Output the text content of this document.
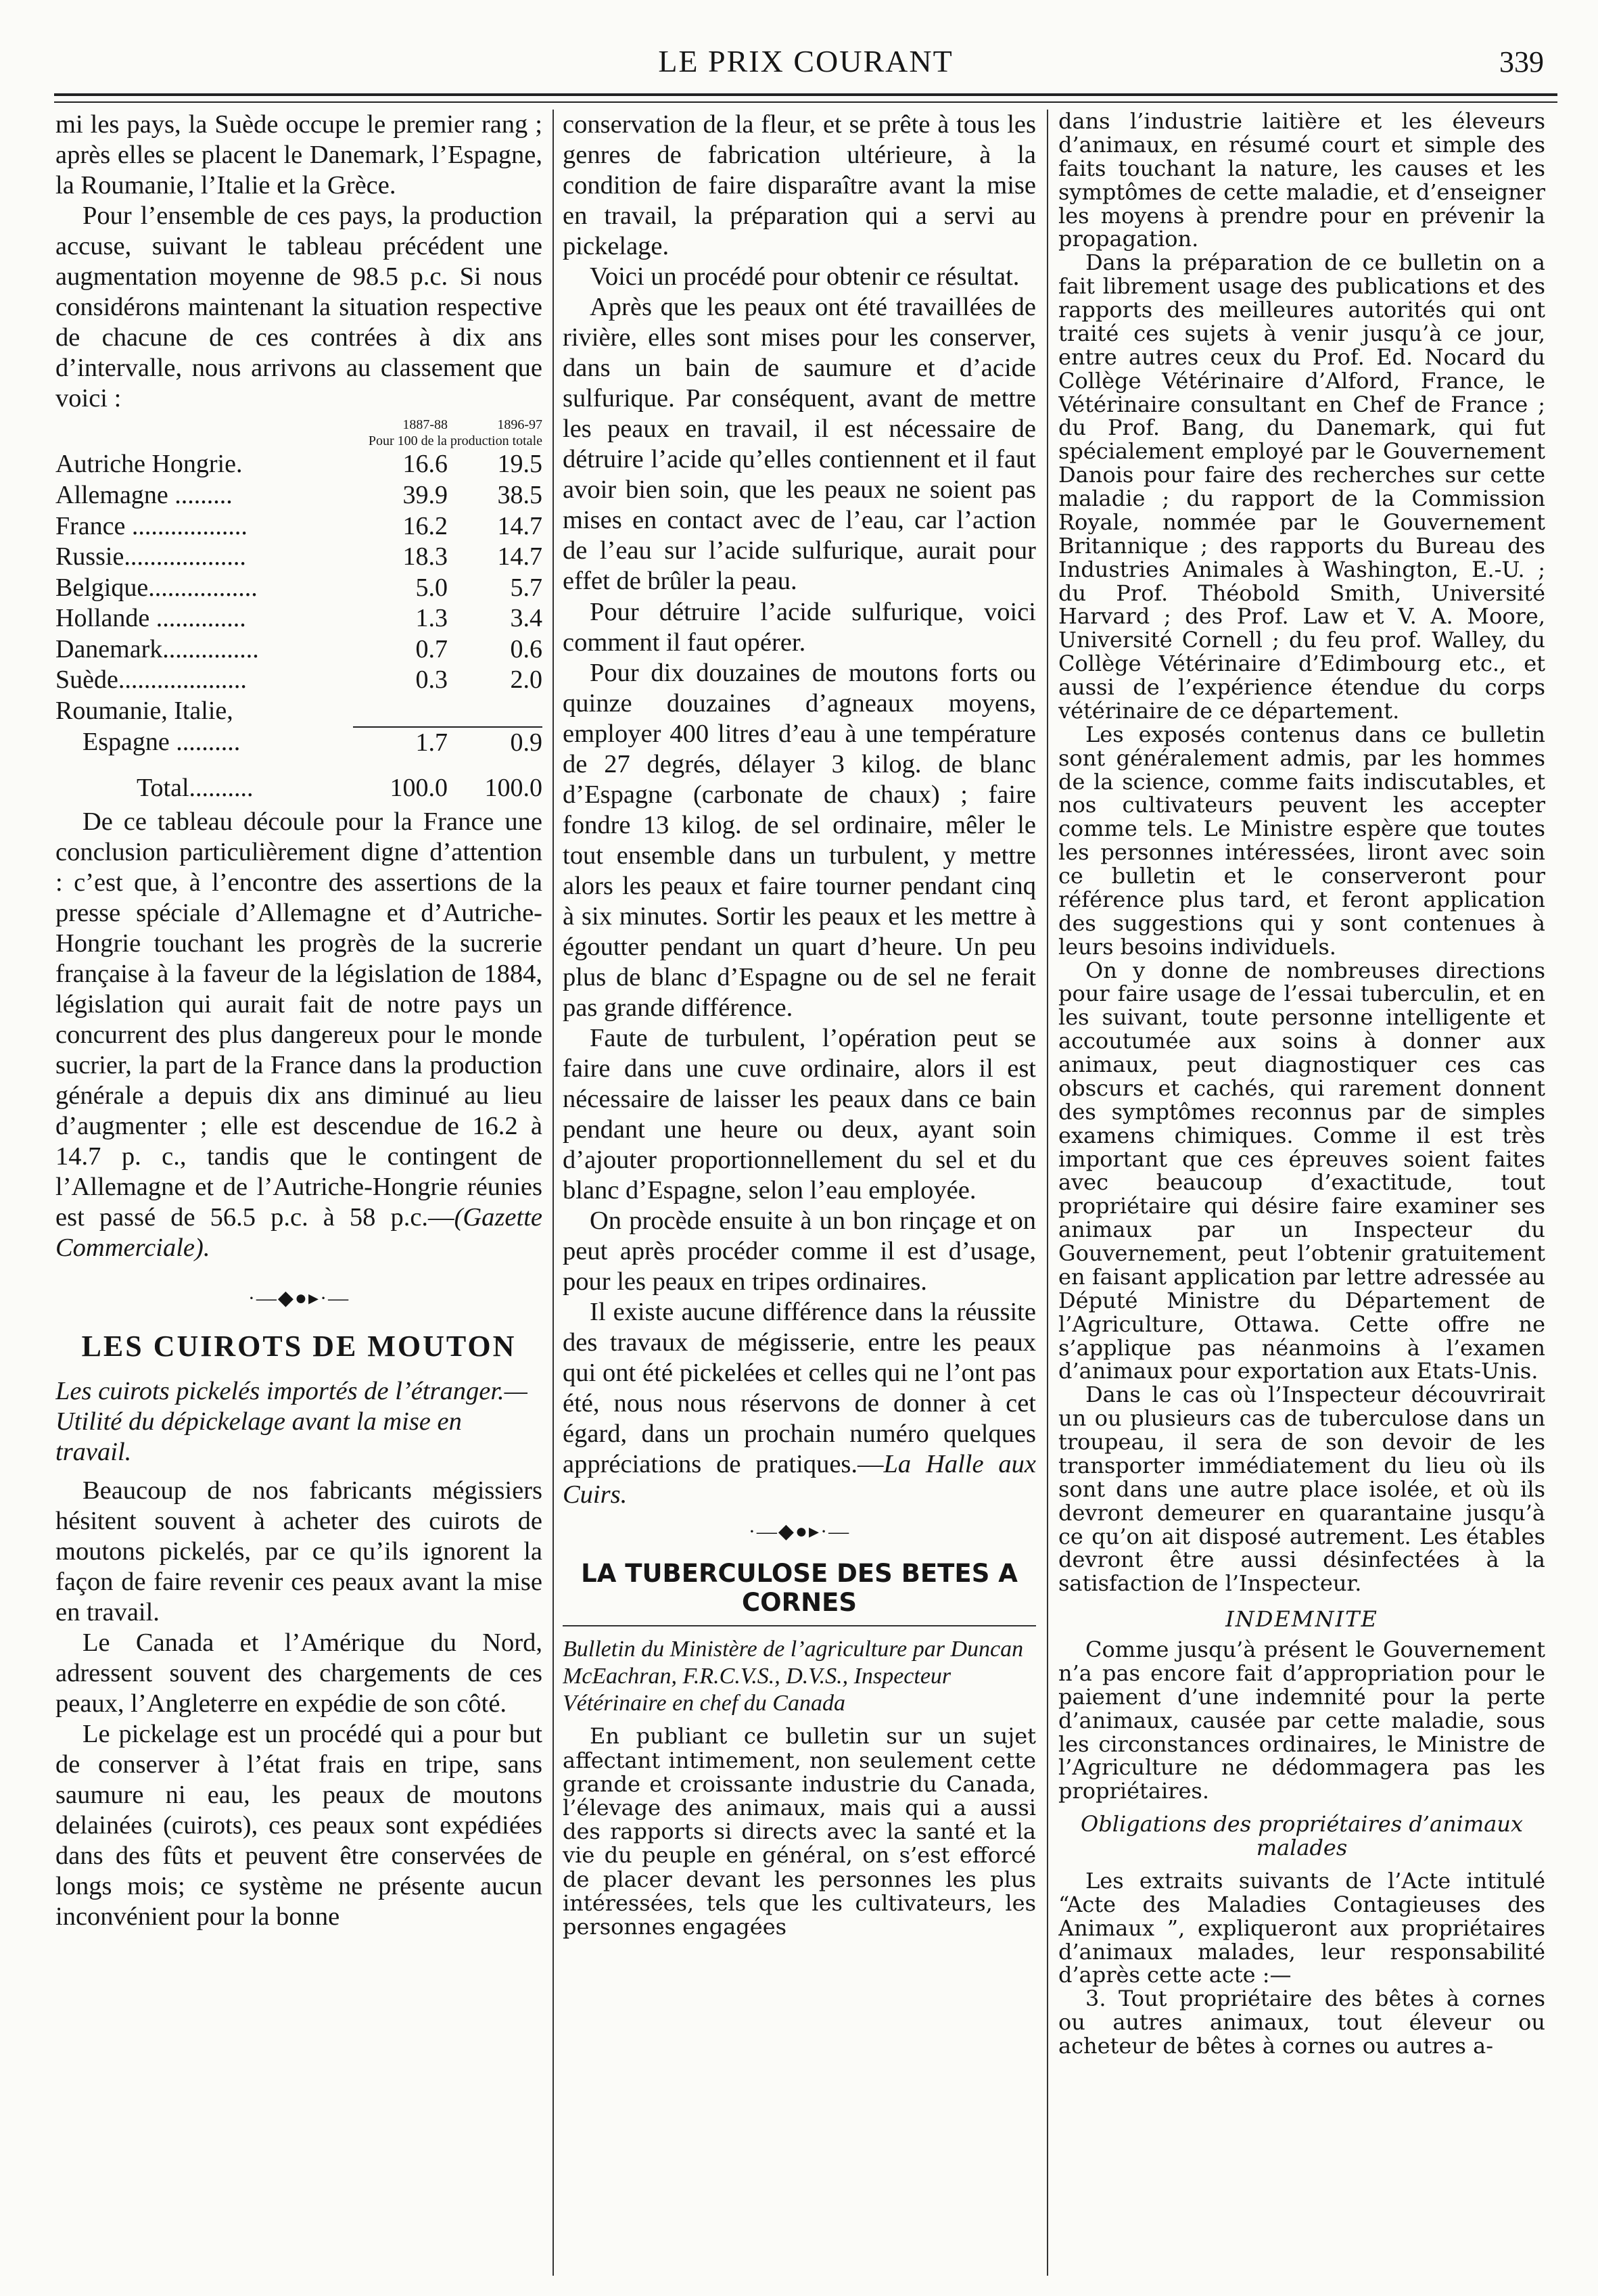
LE PRIX COURANT	339

mi les pays, la Suède occupe le premier rang ; après elles se placent le Danemark, l’Espagne, la Roumanie, l’Italie et la Grèce.

Pour l’ensemble de ces pays, la production accuse, suivant le tableau précédent une augmentation moyenne de 98.5 p.c. Si nous considérons maintenant la situation respective de chacune de ces contrées à dix ans d’intervalle, nous arrivons au classement que voici :

	1887-88	1896-97
Pour 100 de la production totale		
Autriche Hongrie.	16.6	19.5
Allemagne .........	39.9	38.5
France ..................	16.2	14.7
Russie...................	18.3	14.7
Belgique.................	5.0	5.7
Hollande ..............	1.3	3.4
Danemark...............	0.7	0.6
Suède....................	0.3	2.0
Roumanie, Italie,		
Espagne ..........	1.7	0.9
Total..........	100.0	100.0

De ce tableau découle pour la France une conclusion particulièrement digne d’attention : c’est que, à l’encontre des assertions de la presse spéciale d’Allemagne et d’Autriche-Hongrie touchant les progrès de la sucrerie française à la faveur de la législation de 1884, législation qui aurait fait de notre pays un concurrent des plus dangereux pour le monde sucrier, la part de la France dans la production générale a depuis dix ans diminué au lieu d’augmenter ; elle est descendue de 16.2 à 14.7 p. c., tandis que le contingent de l’Allemagne et de l’Autriche-Hongrie réunies est passé de 56.5 p.c. à 58 p.c.—(Gazette Commerciale).

·—◆●▸·—
LES CUIROTS DE MOUTON

Les cuirots pickelés importés de l’étranger.—Utilité du dépickelage avant la mise en travail.

Beaucoup de nos fabricants mégissiers hésitent souvent à acheter des cuirots de moutons pickelés, par ce qu’ils ignorent la façon de faire revenir ces peaux avant la mise en travail.

Le Canada et l’Amérique du Nord, adressent souvent des chargements de ces peaux, l’Angleterre en expédie de son côté.

Le pickelage est un procédé qui a pour but de conserver à l’état frais en tripe, sans saumure ni eau, les peaux de moutons delainées (cuirots), ces peaux sont expédiées dans des fûts et peuvent être conservées de longs mois; ce système ne présente aucun inconvénient pour la bonne

conservation de la fleur, et se prête à tous les genres de fabrication ultérieure, à la condition de faire disparaître avant la mise en travail, la préparation qui a servi au pickelage.

Voici un procédé pour obtenir ce résultat.

Après que les peaux ont été travaillées de rivière, elles sont mises pour les conserver, dans un bain de saumure et d’acide sulfurique. Par conséquent, avant de mettre les peaux en travail, il est nécessaire de détruire l’acide qu’elles contiennent et il faut avoir bien soin, que les peaux ne soient pas mises en contact avec de l’eau, car l’action de l’eau sur l’acide sulfurique, aurait pour effet de brûler la peau.

Pour détruire l’acide sulfurique, voici comment il faut opérer.

Pour dix douzaines de moutons forts ou quinze douzaines d’agneaux moyens, employer 400 litres d’eau à une température de 27 degrés, délayer 3 kilog. de blanc d’Espagne (carbonate de chaux) ; faire fondre 13 kilog. de sel ordinaire, mêler le tout ensemble dans un turbulent, y mettre alors les peaux et faire tourner pendant cinq à six minutes. Sortir les peaux et les mettre à égoutter pendant un quart d’heure. Un peu plus de blanc d’Espagne ou de sel ne ferait pas grande différence.

Faute de turbulent, l’opération peut se faire dans une cuve ordinaire, alors il est nécessaire de laisser les peaux dans ce bain pendant une heure ou deux, ayant soin d’ajouter proportionnellement du sel et du blanc d’Espagne, selon l’eau employée.

On procède ensuite à un bon rinçage et on peut après procéder comme il est d’usage, pour les peaux en tripes ordinaires.

Il existe aucune différence dans la réussite des travaux de mégisserie, entre les peaux qui ont été pickelées et celles qui ne l’ont pas été, nous nous réservons de donner à cet égard, dans un prochain numéro quelques appréciations de pratiques.—La Halle aux Cuirs.

·—◆●▸·—
LA TUBERCULOSE DES BETES A CORNES

Bulletin du Ministère de l’agriculture par Duncan McEachran, F.R.C.V.S., D.V.S., Inspecteur Vétérinaire en chef du Canada

En publiant ce bulletin sur un sujet affectant intimement, non seulement cette grande et croissante industrie du Canada, l’élevage des animaux, mais qui a aussi des rapports si directs avec la santé et la vie du peuple en général, on s’est efforcé de placer devant les personnes les plus intéressées, tels que les cultivateurs, les personnes engagées

dans l’industrie laitière et les éleveurs d’animaux, en résumé court et simple des faits touchant la nature, les causes et les symptômes de cette maladie, et d’enseigner les moyens à prendre pour en prévenir la propagation.

Dans la préparation de ce bulletin on a fait librement usage des publications et des rapports des meilleures autorités qui ont traité ces sujets à venir jusqu’à ce jour, entre autres ceux du Prof. Ed. Nocard du Collège Vétérinaire d’Alford, France, le Vétérinaire consultant en Chef de France ; du Prof. Bang, du Danemark, qui fut spécialement employé par le Gouvernement Danois pour faire des recherches sur cette maladie ; du rapport de la Commission Royale, nommée par le Gouvernement Britannique ; des rapports du Bureau des Industries Animales à Washington, E.-U. ; du Prof. Théobold Smith, Université Harvard ; des Prof. Law et V. A. Moore, Université Cornell ; du feu prof. Walley, du Collège Vétérinaire d’Edimbourg etc., et aussi de l’expérience étendue du corps vétérinaire de ce département.

Les exposés contenus dans ce bulletin sont généralement admis, par les hommes de la science, comme faits indiscutables, et nos cultivateurs peuvent les accepter comme tels. Le Ministre espère que toutes les personnes intéressées, liront avec soin ce bulletin et le conserveront pour référence plus tard, et feront application des suggestions qui y sont contenues à leurs besoins individuels.

On y donne de nombreuses directions pour faire usage de l’essai tuberculin, et en les suivant, toute personne intelligente et accoutumée aux soins à donner aux animaux, peut diagnostiquer ces cas obscurs et cachés, qui rarement donnent des symptômes reconnus par de simples examens chimiques. Comme il est très important que ces épreuves soient faites avec beaucoup d’exactitude, tout propriétaire qui désire faire examiner ses animaux par un Inspecteur du Gouvernement, peut l’obtenir gratuitement en faisant application par lettre adressée au Député Ministre du Département de l’Agriculture, Ottawa. Cette offre ne s’applique pas néanmoins à l’examen d’animaux pour exportation aux Etats-Unis.

Dans le cas où l’Inspecteur découvrirait un ou plusieurs cas de tuberculose dans un troupeau, il sera de son devoir de les transporter immédiatement du lieu où ils sont dans une autre place isolée, et où ils devront demeurer en quarantaine jusqu’à ce qu’on ait disposé autrement. Les étables devront être aussi désinfectées à la satisfaction de l’Inspecteur.

INDEMNITE

Comme jusqu’à présent le Gouvernement n’a pas encore fait d’appropriation pour le paiement d’une indemnité pour la perte d’animaux, causée par cette maladie, sous les circonstances ordinaires, le Ministre de l’Agriculture ne dédommagera pas les propriétaires.

Obligations des propriétaires d’animaux malades

Les extraits suivants de l’Acte intitulé “Acte des Maladies Contagieuses des Animaux ”, expliqueront aux propriétaires d’animaux malades, leur responsabilité d’après cette acte :—

3. Tout propriétaire des bêtes à cornes ou autres animaux, tout éleveur ou acheteur de bêtes à cornes ou autres a-
